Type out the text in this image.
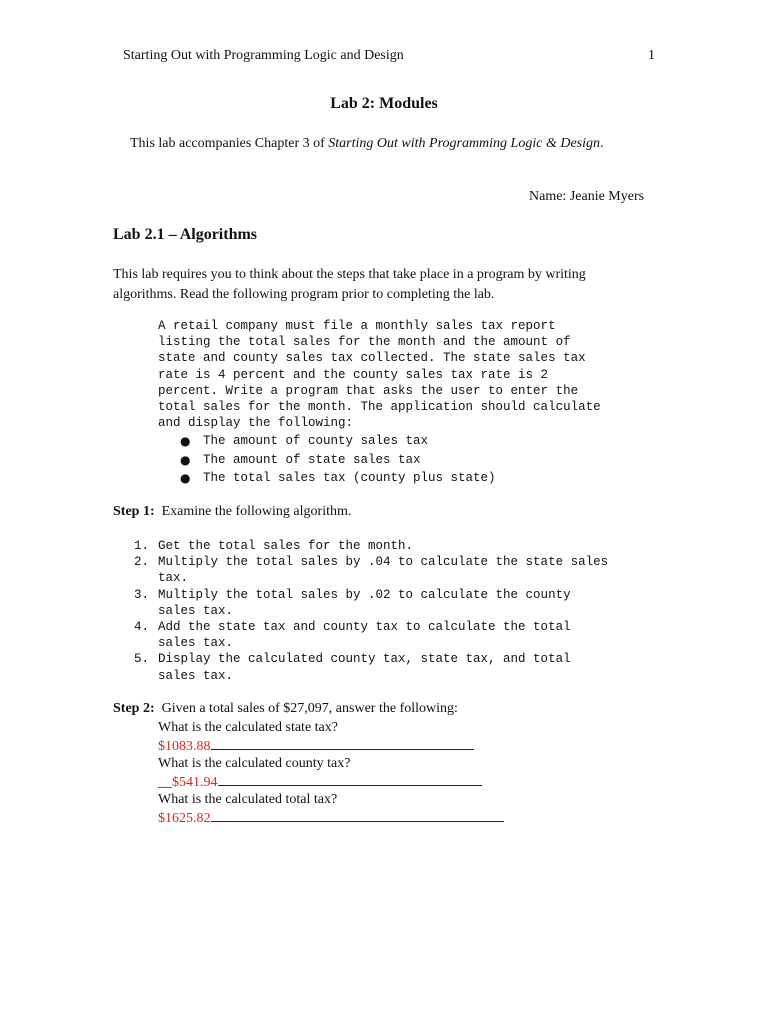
Starting Out with Programming Logic and Design	1
Lab 2: Modules
This lab accompanies Chapter 3 of Starting Out with Programming Logic & Design.
Name: Jeanie Myers
Lab 2.1 – Algorithms
This lab requires you to think about the steps that take place in a program by writing algorithms. Read the following program prior to completing the lab.
A retail company must file a monthly sales tax report
listing the total sales for the month and the amount of
state and county sales tax collected. The state sales tax
rate is 4 percent and the county sales tax rate is 2
percent. Write a program that asks the user to enter the
total sales for the month. The application should calculate
and display the following:
● The amount of county sales tax
● The amount of state sales tax
● The total sales tax (county plus state)
Step 1:  Examine the following algorithm.
1. Get the total sales for the month.
2. Multiply the total sales by .04 to calculate the state sales
tax.
3. Multiply the total sales by .02 to calculate the county
sales tax.
4. Add the state tax and county tax to calculate the total
sales tax.
5. Display the calculated county tax, state tax, and total
sales tax.
Step 2:  Given a total sales of $27,097, answer the following:
What is the calculated state tax?
$1083.88
What is the calculated county tax?
__$541.94
What is the calculated total tax?
$1625.82
